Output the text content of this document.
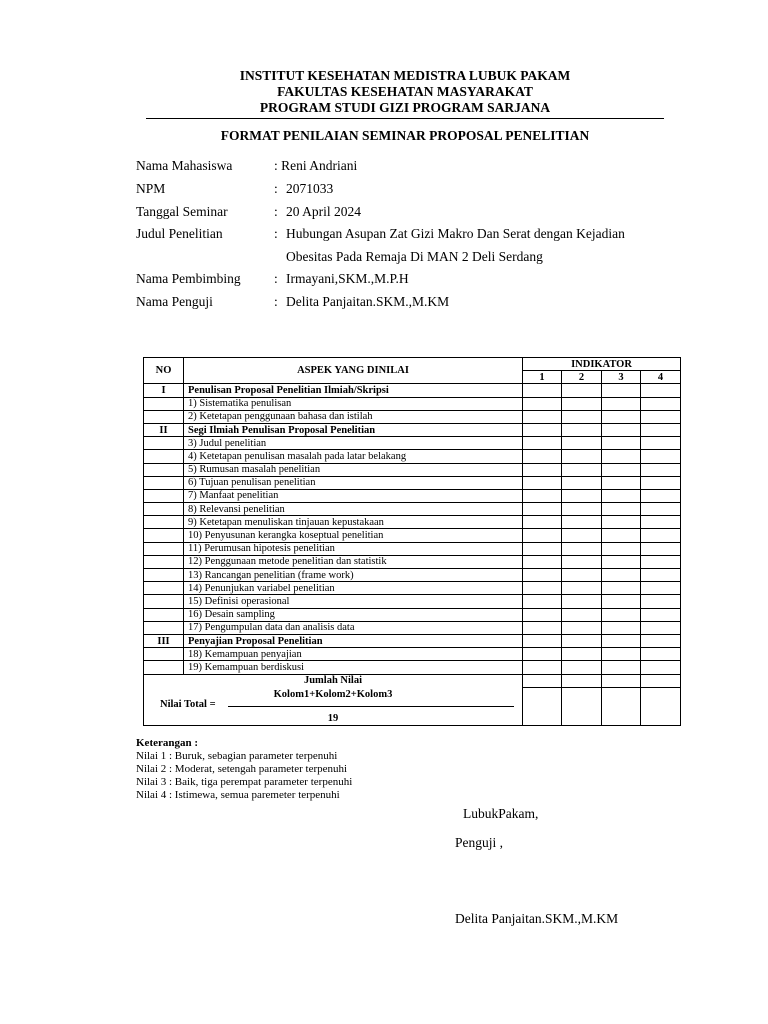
INSTITUT KESEHATAN MEDISTRA LUBUK PAKAM
FAKULTAS KESEHATAN MASYARAKAT
PROGRAM STUDI GIZI PROGRAM SARJANA
FORMAT PENILAIAN SEMINAR PROPOSAL PENELITIAN
Nama Mahasiswa	: Reni Andriani
NPM	: 2071033
Tanggal Seminar	: 20 April 2024
Judul Penelitian	: Hubungan Asupan Zat Gizi Makro Dan Serat dengan Kejadian
Obesitas Pada Remaja Di MAN 2 Deli Serdang
Nama Pembimbing : Irmayani,SKM.,M.P.H
Nama Penguji	: Delita Panjaitan.SKM.,M.KM
NO	ASPEK YANG DINILAI	INDIKATOR			
		1	2	3	4
I	Penulisan Proposal Penelitian Ilmiah/Skripsi				
	1) Sistematika penulisan				
	2) Ketetapan penggunaan bahasa dan istilah				
II	Segi Ilmiah Penulisan Proposal Penelitian				
	3) Judul penelitian				
	4) Ketetapan penulisan masalah pada latar belakang				
	5) Rumusan masalah penelitian				
	6) Tujuan penulisan penelitian				
	7) Manfaat penelitian				
	8) Relevansi penelitian				
	9) Ketetapan menuliskan tinjauan kepustakaan				
	10) Penyusunan kerangka koseptual penelitian				
	11) Perumusan hipotesis penelitian				
	12) Penggunaan metode penelitian dan statistik				
	13) Rancangan penelitian (frame work)				
	14) Penunjukan variabel penelitian				
	15) Definisi operasional				
	16) Desain sampling				
	17) Pengumpulan data dan analisis data				
III	Penyajian Proposal Penelitian				
	18) Kemampuan penyajian				
	19) Kemampuan berdiskusi				
Jumlah Nilai					

Kolom1+Kolom2+Kolom3
Nilai Total =
19					

Keterangan :
Nilai 1 : Buruk, sebagian parameter terpenuhi
Nilai 2 : Moderat, setengah parameter terpenuhi
Nilai 3 : Baik, tiga perempat parameter terpenuhi
Nilai 4 : Istimewa, semua paremeter terpenuhi
LubukPakam,
Penguji ,
Delita Panjaitan.SKM.,M.KM
